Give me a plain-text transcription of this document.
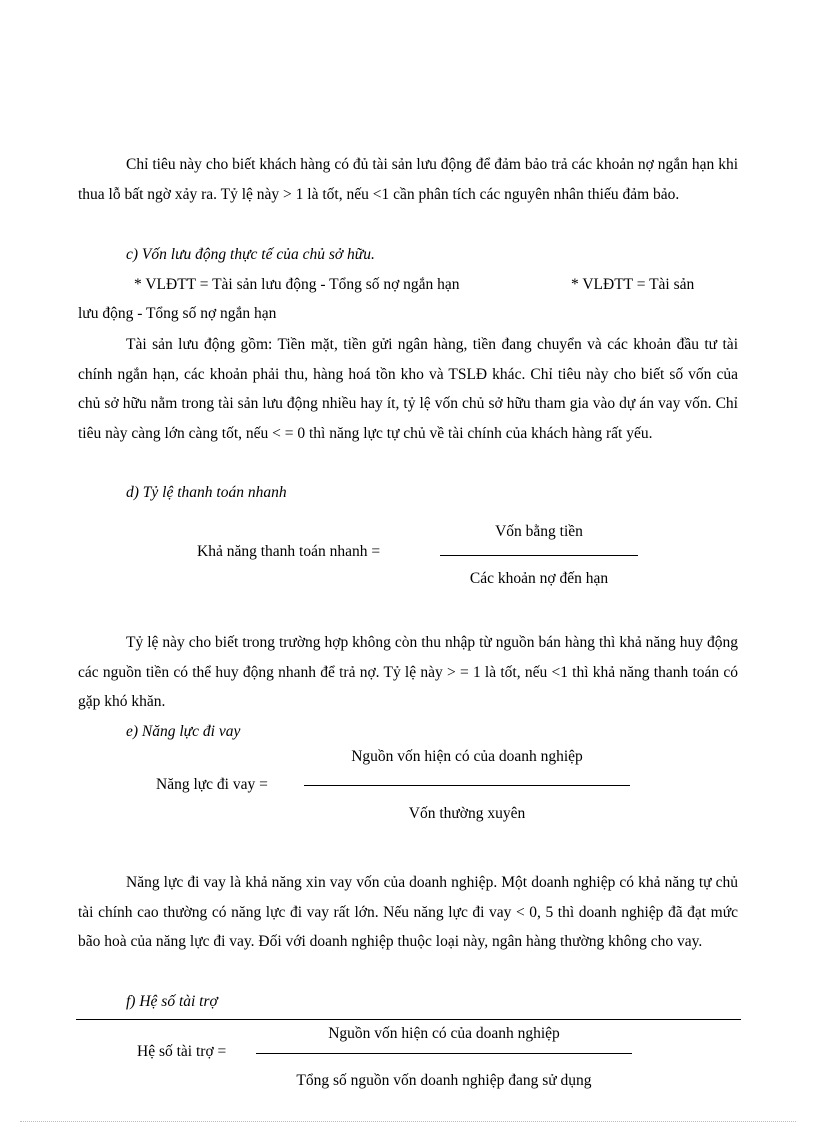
Chỉ tiêu này cho biết khách hàng có đủ tài sản lưu động để đảm bảo trả các khoản nợ ngắn hạn khi thua lỗ bất ngờ xảy ra. Tỷ lệ này > 1 là tốt, nếu <1 cần phân tích các nguyên nhân thiếu đảm bảo.

c) Vốn lưu động thực tế của chủ sở hữu.

* VLĐTT = Tài sản lưu động - Tổng số nợ ngắn hạn	* VLĐTT = Tài sản

lưu động - Tổng số nợ ngắn hạn

Tài sản lưu động gồm: Tiền mặt, tiền gửi ngân hàng, tiền đang chuyển và các khoản đầu tư tài chính ngắn hạn, các khoản phải thu, hàng hoá tồn kho và TSLĐ khác. Chỉ tiêu này cho biết số vốn của chủ sở hữu nằm trong tài sản lưu động nhiều hay ít, tỷ lệ vốn chủ sở hữu tham gia vào dự án vay vốn. Chỉ tiêu này càng lớn càng tốt, nếu < = 0 thì năng lực tự chủ về tài chính của khách hàng rất yếu.

d) Tỷ lệ thanh toán nhanh

Khả năng thanh toán nhanh =

Vốn bằng tiền

Các khoản nợ đến hạn

Tỷ lệ này cho biết trong trường hợp không còn thu nhập từ nguồn bán hàng thì khả năng huy động các nguồn tiền có thể huy động nhanh để trả nợ. Tỷ lệ này > = 1 là tốt, nếu <1 thì khả năng thanh toán có gặp khó khăn.

e) Năng lực đi vay

Năng lực đi vay =

Nguồn vốn hiện có của doanh nghiệp

Vốn thường xuyên

Năng lực đi vay là khả năng xin vay vốn của doanh nghiệp. Một doanh nghiệp có khả năng tự chủ tài chính cao thường có năng lực đi vay rất lớn. Nếu năng lực đi vay < 0, 5 thì doanh nghiệp đã đạt mức bão hoà của năng lực đi vay. Đối với doanh nghiệp thuộc loại này, ngân hàng thường không cho vay.

f) Hệ số tài trợ

Hệ số tài trợ =

Nguồn vốn hiện có của doanh nghiệp

Tổng số nguồn vốn doanh nghiệp đang sử dụng
